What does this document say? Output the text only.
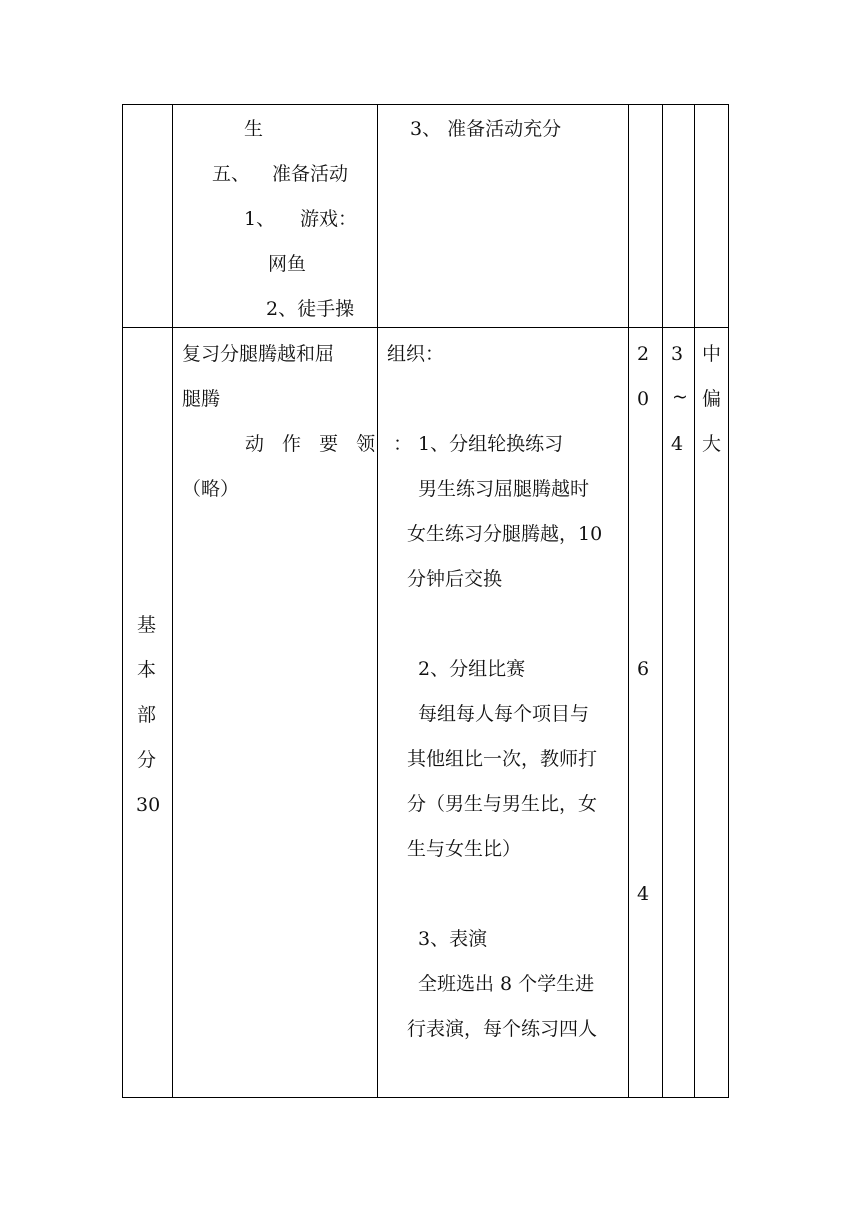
生
五、 准备活动
1、 游戏：
网鱼
2、徒手操
3、 准备活动充分
基
本
部
分
30
复习分腿腾越和屈
腿腾
动 作 要 领 ：
（略）
组织：
1、分组轮换练习
男生练习屈腿腾越时
女生练习分腿腾越，10
分钟后交换
2、分组比赛
每组每人每个项目与
其他组比一次，教师打
分（男生与男生比，女
生与女生比）
3、表演
全班选出 8 个学生进
行表演，每个练习四人
2
0
6
4
3
~
4
中
偏
大
